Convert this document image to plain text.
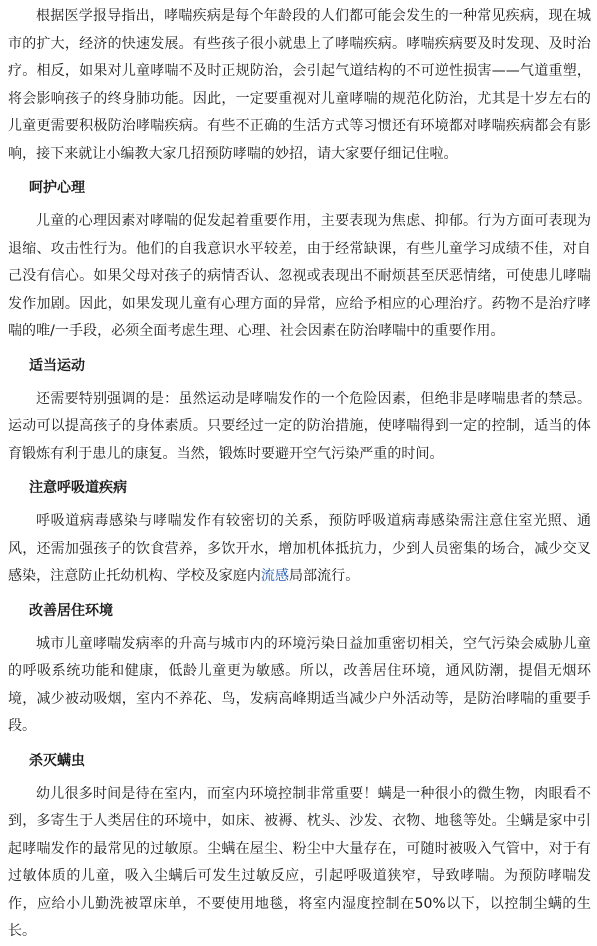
根据医学报导指出，哮喘疾病是每个年龄段的人们都可能会发生的一种常见疾病，现在城市的扩大，经济的快速发展。有些孩子很小就患上了哮喘疾病。哮喘疾病要及时发现、及时治疗。相反，如果对儿童哮喘不及时正规防治，会引起气道结构的不可逆性损害——气道重塑，将会影响孩子的终身肺功能。因此，一定要重视对儿童哮喘的规范化防治，尤其是十岁左右的儿童更需要积极防治哮喘疾病。有些不正确的生活方式等习惯还有环境都对哮喘疾病都会有影响，接下来就让小编教大家几招预防哮喘的妙招，请大家要仔细记住啦。

呵护心理

儿童的心理因素对哮喘的促发起着重要作用，主要表现为焦虑、抑郁。行为方面可表现为退缩、攻击性行为。他们的自我意识水平较差，由于经常缺课，有些儿童学习成绩不佳，对自己没有信心。如果父母对孩子的病情否认、忽视或表现出不耐烦甚至厌恶情绪，可使患儿哮喘发作加剧。因此，如果发现儿童有心理方面的异常，应给予相应的心理治疗。药物不是治疗哮喘的唯/一手段，必须全面考虑生理、心理、社会因素在防治哮喘中的重要作用。

适当运动

还需要特别强调的是：虽然运动是哮喘发作的一个危险因素，但绝非是哮喘患者的禁忌。运动可以提高孩子的身体素质。只要经过一定的防治措施，使哮喘得到一定的控制，适当的体育锻炼有利于患儿的康复。当然，锻炼时要避开空气污染严重的时间。

注意呼吸道疾病

呼吸道病毒感染与哮喘发作有较密切的关系，预防呼吸道病毒感染需注意住室光照、通风，还需加强孩子的饮食营养，多饮开水，增加机体抵抗力，少到人员密集的场合，减少交叉感染，注意防止托幼机构、学校及家庭内流感局部流行。

改善居住环境

城市儿童哮喘发病率的升高与城市内的环境污染日益加重密切相关，空气污染会威胁儿童的呼吸系统功能和健康，低龄儿童更为敏感。所以，改善居住环境，通风防潮，提倡无烟环境，减少被动吸烟，室内不养花、鸟，发病高峰期适当减少户外活动等，是防治哮喘的重要手段。

杀灭螨虫

幼儿很多时间是待在室内，而室内环境控制非常重要！螨是一种很小的微生物，肉眼看不到，多寄生于人类居住的环境中，如床、被褥、枕头、沙发、衣物、地毯等处。尘螨是家中引起哮喘发作的最常见的过敏原。尘螨在屋尘、粉尘中大量存在，可随时被吸入气管中，对于有过敏体质的儿童，吸入尘螨后可发生过敏反应，引起呼吸道狭窄，导致哮喘。为预防哮喘发作，应给小儿勤洗被罩床单，不要使用地毯，将室内湿度控制在50%以下，以控制尘螨的生长。
